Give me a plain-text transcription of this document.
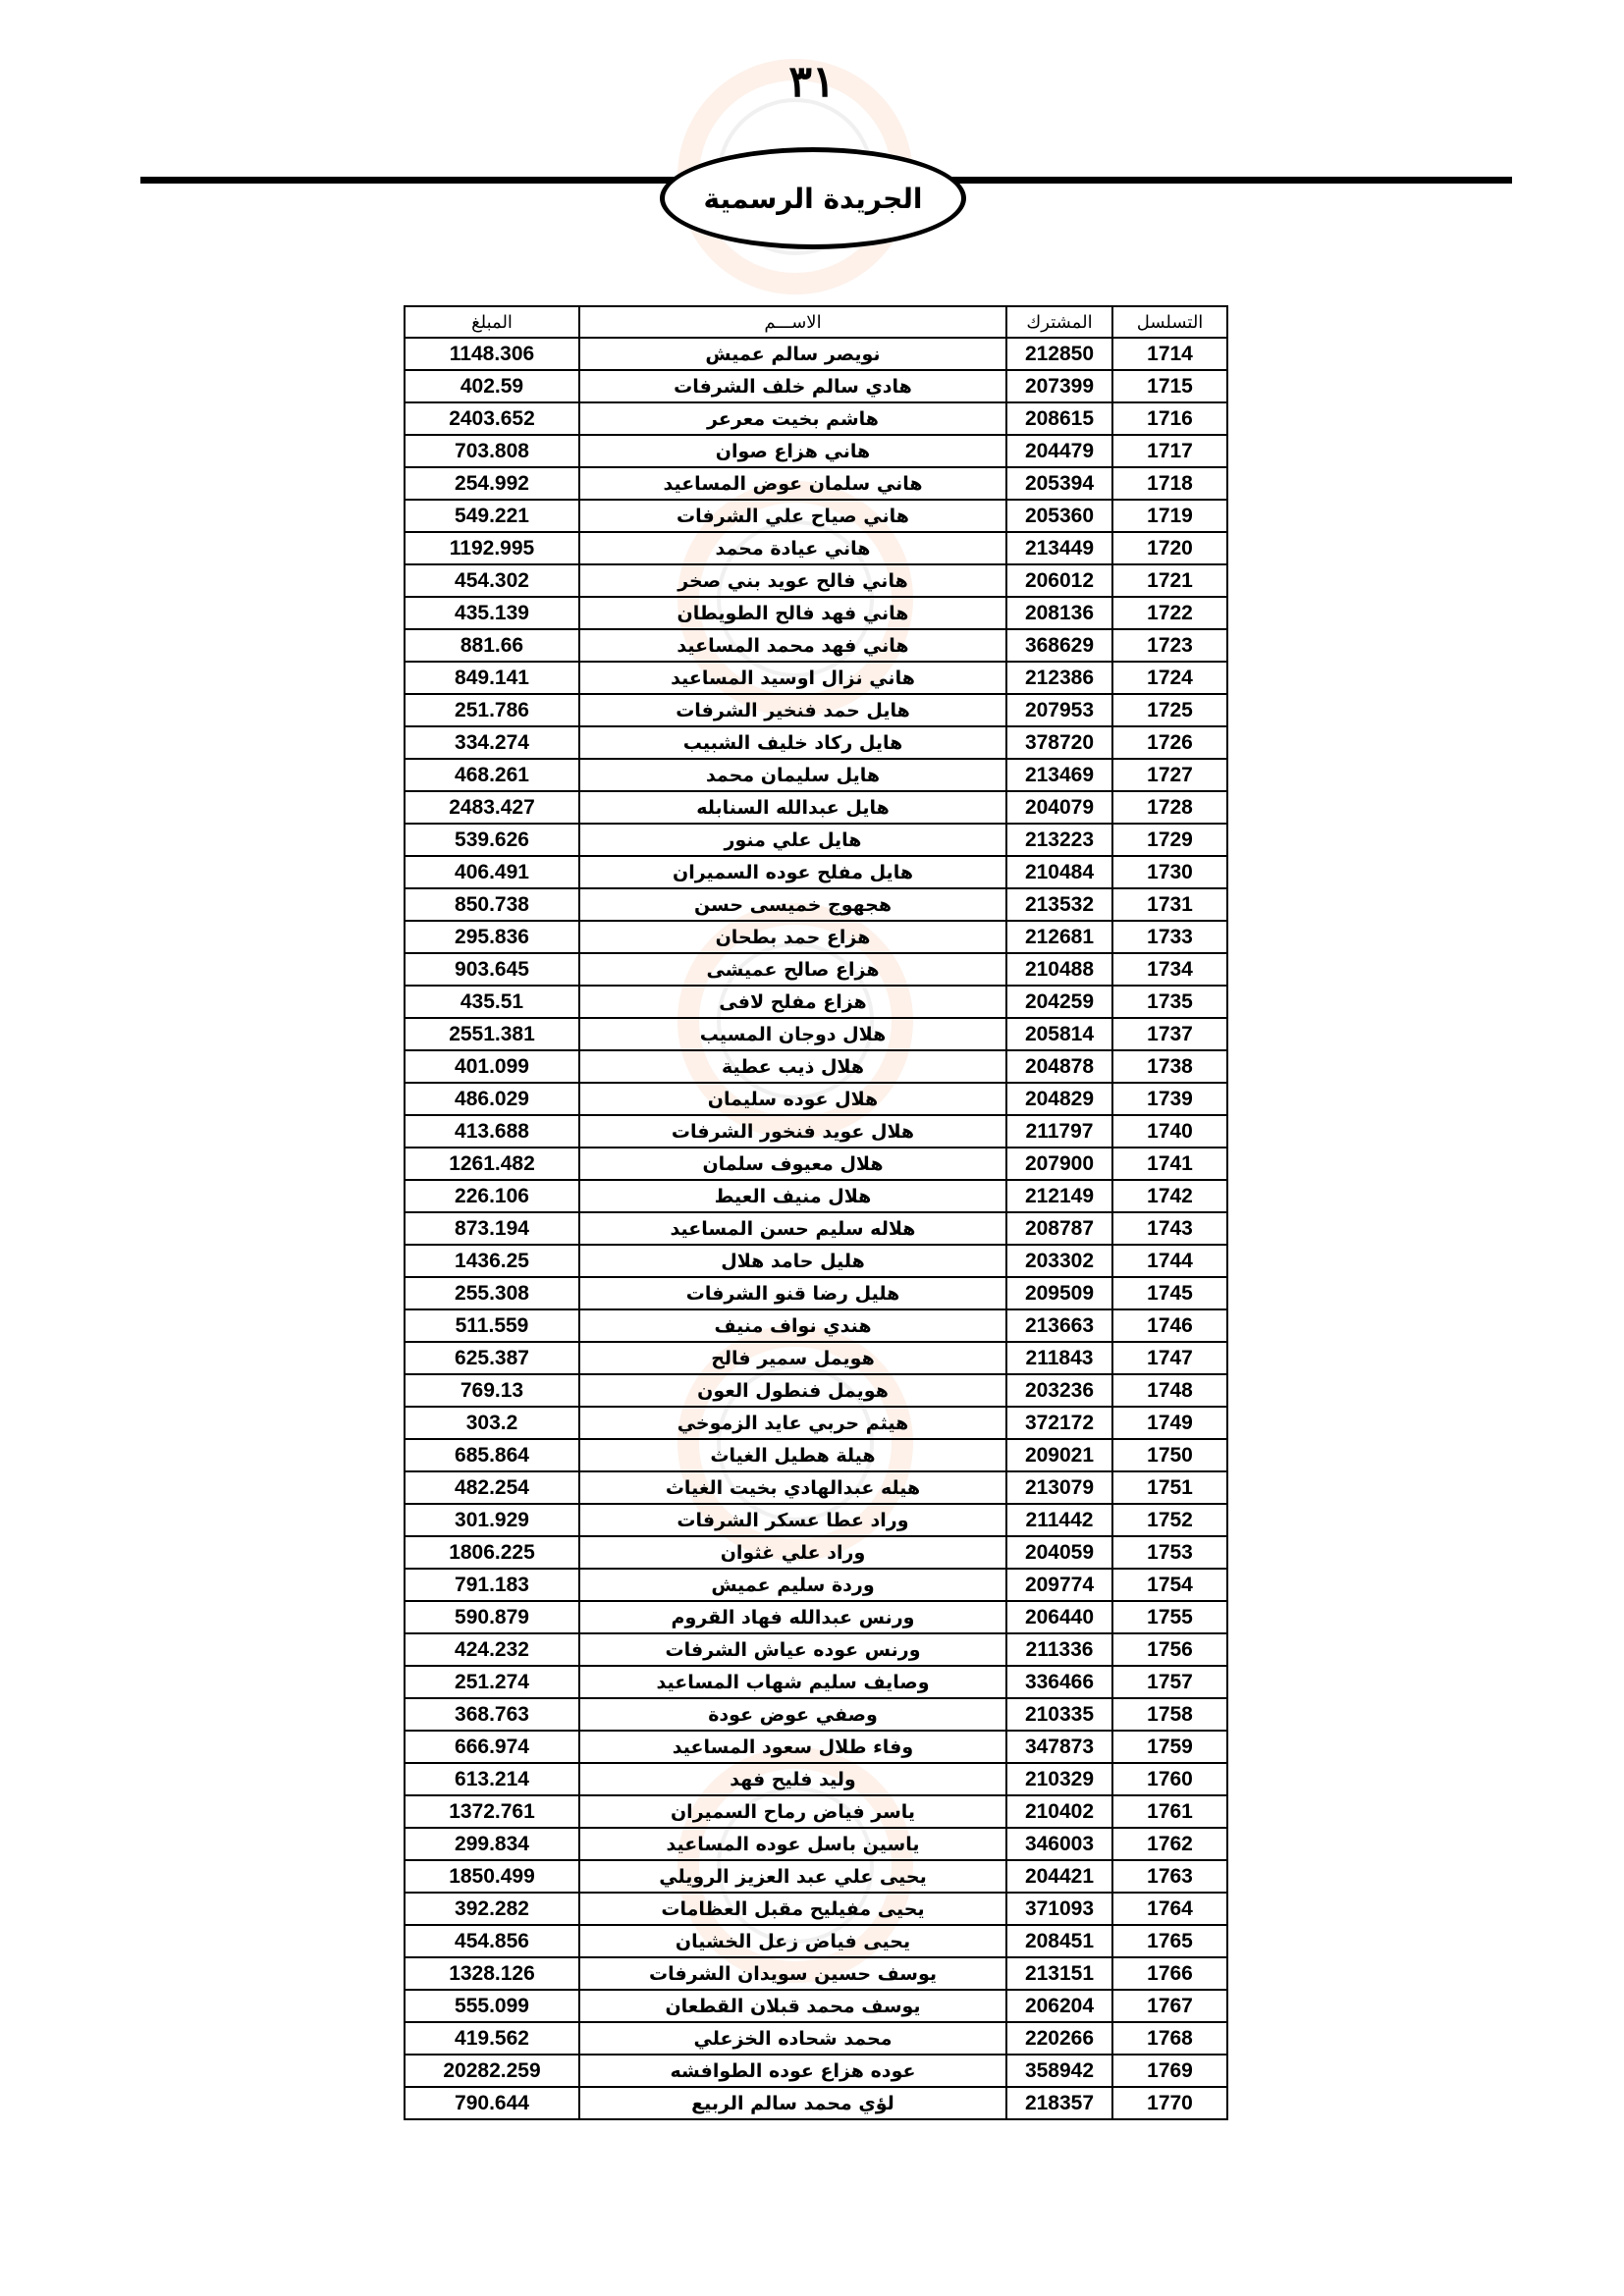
٣١
الجريدة الرسمية
التسلسل	المشترك	الاســـم	المبلغ
1714	212850	نويصر سالم عميش	1148.306
1715	207399	هادي سالم خلف الشرفات	402.59
1716	208615	هاشم بخيت معرعر	2403.652
1717	204479	هاني هزاع صوان	703.808
1718	205394	هاني سلمان عوض المساعيد	254.992
1719	205360	هاني صياح علي الشرفات	549.221
1720	213449	هاني عيادة محمد	1192.995
1721	206012	هاني فالح عويد بني صخر	454.302
1722	208136	هاني فهد فالح الطويطان	435.139
1723	368629	هاني فهد محمد المساعيد	881.66
1724	212386	هاني نزال اوسيد المساعيد	849.141
1725	207953	هايل حمد فنخير الشرفات	251.786
1726	378720	هايل ركاد خليف الشبيب	334.274
1727	213469	هايل سليمان محمد	468.261
1728	204079	هايل عبدالله السنابله	2483.427
1729	213223	هايل علي منور	539.626
1730	210484	هايل مفلح عوده السميران	406.491
1731	213532	هجهوج خميسى حسن	850.738
1733	212681	هزاع حمد بطحان	295.836
1734	210488	هزاع صالح عميشى	903.645
1735	204259	هزاع مفلح لافى	435.51
1737	205814	هلال دوجان المسيب	2551.381
1738	204878	هلال ذيب عطية	401.099
1739	204829	هلال عوده سليمان	486.029
1740	211797	هلال عويد فنخور الشرفات	413.688
1741	207900	هلال معيوف سلمان	1261.482
1742	212149	هلال منيف العيط	226.106
1743	208787	هلاله سليم حسن المساعيد	873.194
1744	203302	هليل حامد هلال	1436.25
1745	209509	هليل رضا قنو الشرفات	255.308
1746	213663	هندي نواف منيف	511.559
1747	211843	هويمل سمير فالح	625.387
1748	203236	هويمل فنطول العون	769.13
1749	372172	هيثم حربي عايد الزموخي	303.2
1750	209021	هيلة هطيل الغياث	685.864
1751	213079	هيله عبدالهادي بخيت الغياث	482.254
1752	211442	وراد عطا عسكر الشرفات	301.929
1753	204059	وراد علي غثوان	1806.225
1754	209774	وردة سليم عميش	791.183
1755	206440	ورنس عبدالله فهاد القروم	590.879
1756	211336	ورنس عوده عياش الشرفات	424.232
1757	336466	وصايف سليم شهاب المساعيد	251.274
1758	210335	وصفي عوض عودة	368.763
1759	347873	وفاء طلال سعود المساعيد	666.974
1760	210329	وليد فليح فهد	613.214
1761	210402	ياسر فياض رماح السميران	1372.761
1762	346003	ياسين باسل عوده المساعيد	299.834
1763	204421	يحيى علي عبد العزيز الرويلي	1850.499
1764	371093	يحيى مفيليح مقبل العظامات	392.282
1765	208451	يحيى فياض زعل الخشيان	454.856
1766	213151	يوسف حسين سويدان الشرفات	1328.126
1767	206204	يوسف محمد قبلان القطعان	555.099
1768	220266	محمد شحاده الخزعلي	419.562
1769	358942	عوده هزاع عوده الطوافشه	20282.259
1770	218357	لؤي محمد سالم الربيع	790.644
